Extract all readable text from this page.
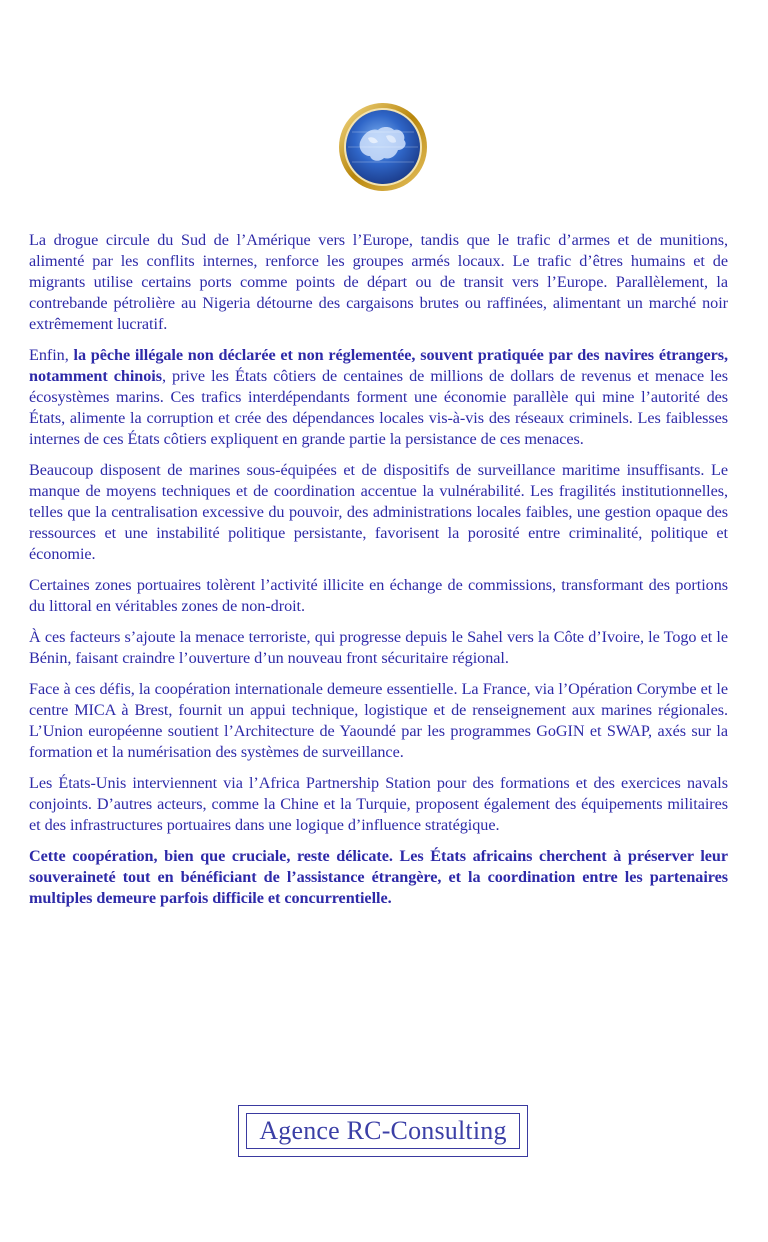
La drogue circule du Sud de l’Amérique vers l’Europe, tandis que le trafic d’armes et de munitions, alimenté par les conflits internes, renforce les groupes armés locaux. Le trafic d’êtres humains et de migrants utilise certains ports comme points de départ ou de transit vers l’Europe. Parallèlement, la contrebande pétrolière au Nigeria détourne des cargaisons brutes ou raffinées, alimentant un marché noir extrêmement lucratif.

Enfin, la pêche illégale non déclarée et non réglementée, souvent pratiquée par des navires étrangers, notamment chinois, prive les États côtiers de centaines de millions de dollars de revenus et menace les écosystèmes marins. Ces trafics interdépendants forment une économie parallèle qui mine l’autorité des États, alimente la corruption et crée des dépendances locales vis-à-vis des réseaux criminels. Les faiblesses internes de ces États côtiers expliquent en grande partie la persistance de ces menaces.

Beaucoup disposent de marines sous-équipées et de dispositifs de surveillance maritime insuffisants. Le manque de moyens techniques et de coordination accentue la vulnérabilité. Les fragilités institutionnelles, telles que la centralisation excessive du pouvoir, des administrations locales faibles, une gestion opaque des ressources et une instabilité politique persistante, favorisent la porosité entre criminalité, politique et économie.

Certaines zones portuaires tolèrent l’activité illicite en échange de commissions, transformant des portions du littoral en véritables zones de non-droit.

À ces facteurs s’ajoute la menace terroriste, qui progresse depuis le Sahel vers la Côte d’Ivoire, le Togo et le Bénin, faisant craindre l’ouverture d’un nouveau front sécuritaire régional.

Face à ces défis, la coopération internationale demeure essentielle. La France, via l’Opération Corymbe et le centre MICA à Brest, fournit un appui technique, logistique et de renseignement aux marines régionales. L’Union européenne soutient l’Architecture de Yaoundé par les programmes GoGIN et SWAP, axés sur la formation et la numérisation des systèmes de surveillance.

Les États-Unis interviennent via l’Africa Partnership Station pour des formations et des exercices navals conjoints. D’autres acteurs, comme la Chine et la Turquie, proposent également des équipements militaires et des infrastructures portuaires dans une logique d’influence stratégique.

Cette coopération, bien que cruciale, reste délicate. Les États africains cherchent à préserver leur souveraineté tout en bénéficiant de l’assistance étrangère, et la coordination entre les partenaires multiples demeure parfois difficile et concurrentielle.

Agence RC-Consulting
